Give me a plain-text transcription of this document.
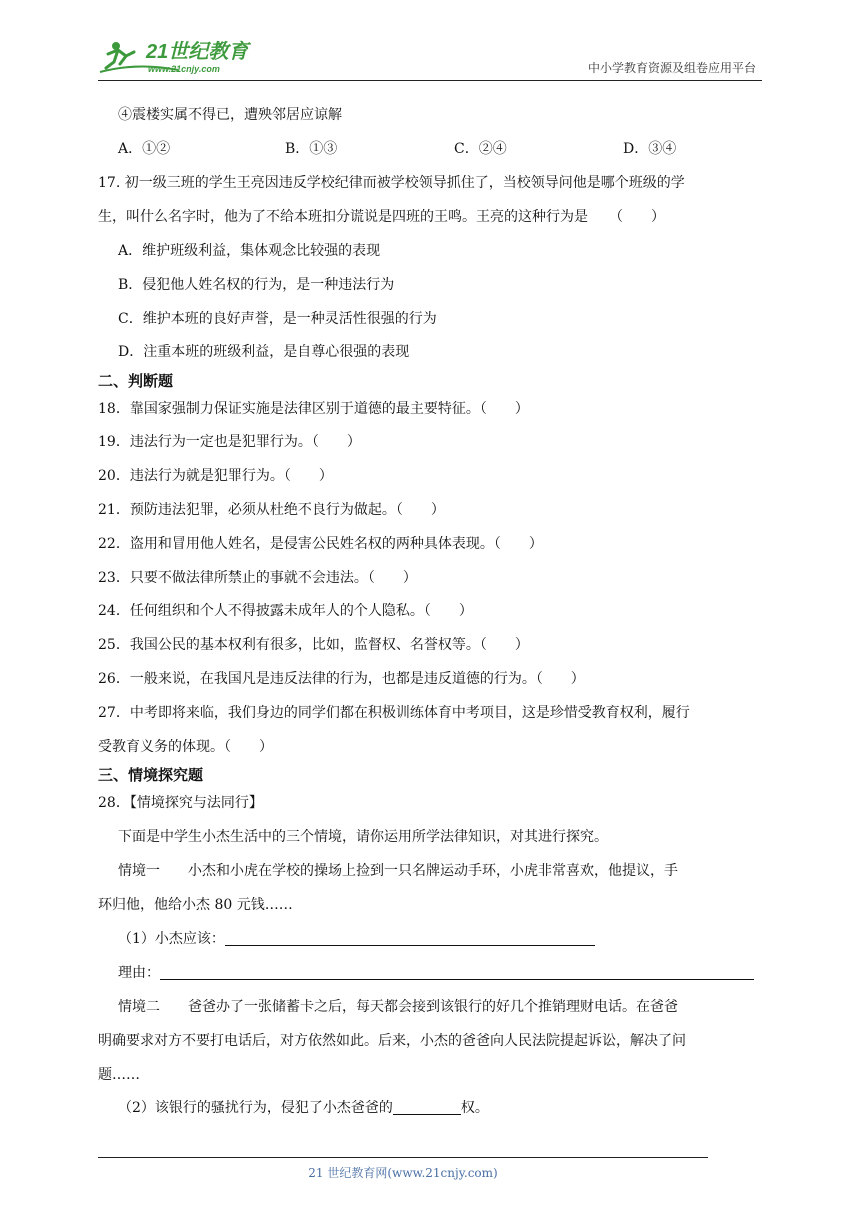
21世纪教育
www.21cnjy.com	中小学教育资源及组卷应用平台
④震楼实属不得已，遭殃邻居应谅解
A．①②	B．①③	C．②④	D．③④
17. 初一级三班的学生王亮因违反学校纪律而被学校领导抓住了，当校领导问他是哪个班级的学
生，叫什么名字时，他为了不给本班扣分谎说是四班的王鸣。王亮的这种行为是　　（　　）
A．维护班级利益，集体观念比较强的表现
B．侵犯他人姓名权的行为，是一种违法行为
C．维护本班的良好声誉，是一种灵活性很强的行为
D．注重本班的班级利益，是自尊心很强的表现
二、判断题
18．靠国家强制力保证实施是法律区别于道德的最主要特征。（　　）
19．违法行为一定也是犯罪行为。（　　）
20．违法行为就是犯罪行为。（　　）
21．预防违法犯罪，必须从杜绝不良行为做起。（　　）
22．盗用和冒用他人姓名，是侵害公民姓名权的两种具体表现。（　　）
23．只要不做法律所禁止的事就不会违法。（　　）
24．任何组织和个人不得披露未成年人的个人隐私。（　　）
25．我国公民的基本权利有很多，比如，监督权、名誉权等。（　　）
26．一般来说，在我国凡是违反法律的行为，也都是违反道德的行为。（　　）
27．中考即将来临，我们身边的同学们都在积极训练体育中考项目，这是珍惜受教育权利，履行
受教育义务的体现。（　　）
三、情境探究题
28．【情境探究与法同行】
下面是中学生小杰生活中的三个情境，请你运用所学法律知识，对其进行探究。
情境一　　小杰和小虎在学校的操场上捡到一只名牌运动手环，小虎非常喜欢，他提议，手
环归他，他给小杰 80 元钱……
（1）小杰应该：
理由：
情境二　　爸爸办了一张储蓄卡之后，每天都会接到该银行的好几个推销理财电话。在爸爸
明确要求对方不要打电话后，对方依然如此。后来，小杰的爸爸向人民法院提起诉讼，解决了问
题……
（2）该银行的骚扰行为，侵犯了小杰爸爸的	权。
21 世纪教育网(www.21cnjy.com)
